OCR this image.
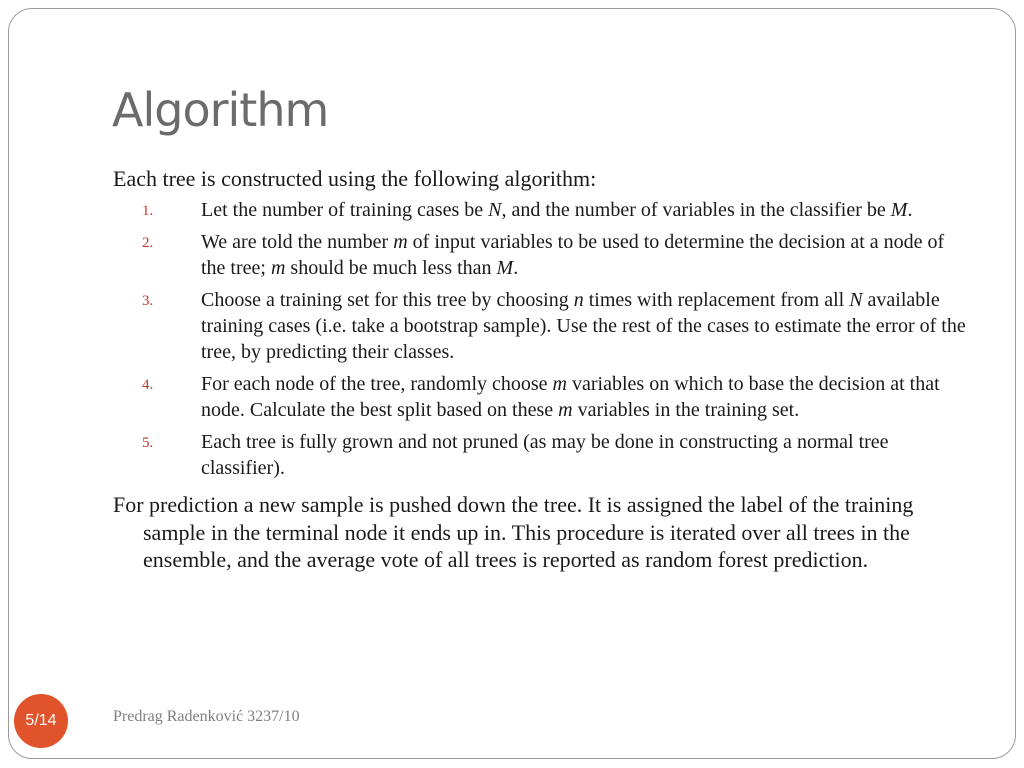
Algorithm

Each tree is constructed using the following algorithm:

1. Let the number of training cases be N, and the number of variables in the classifier be M.
2. We are told the number m of input variables to be used to determine the decision at a node of the tree; m should be much less than M.
3. Choose a training set for this tree by choosing n times with replacement from all N available training cases (i.e. take a bootstrap sample). Use the rest of the cases to estimate the error of the tree, by predicting their classes.
4. For each node of the tree, randomly choose m variables on which to base the decision at that node. Calculate the best split based on these m variables in the training set.
5. Each tree is fully grown and not pruned (as may be done in constructing a normal tree classifier).

For prediction a new sample is pushed down the tree. It is assigned the label of the training sample in the terminal node it ends up in. This procedure is iterated over all trees in the ensemble, and the average vote of all trees is reported as random forest prediction.

Predrag Radenković 3237/10
5/14
